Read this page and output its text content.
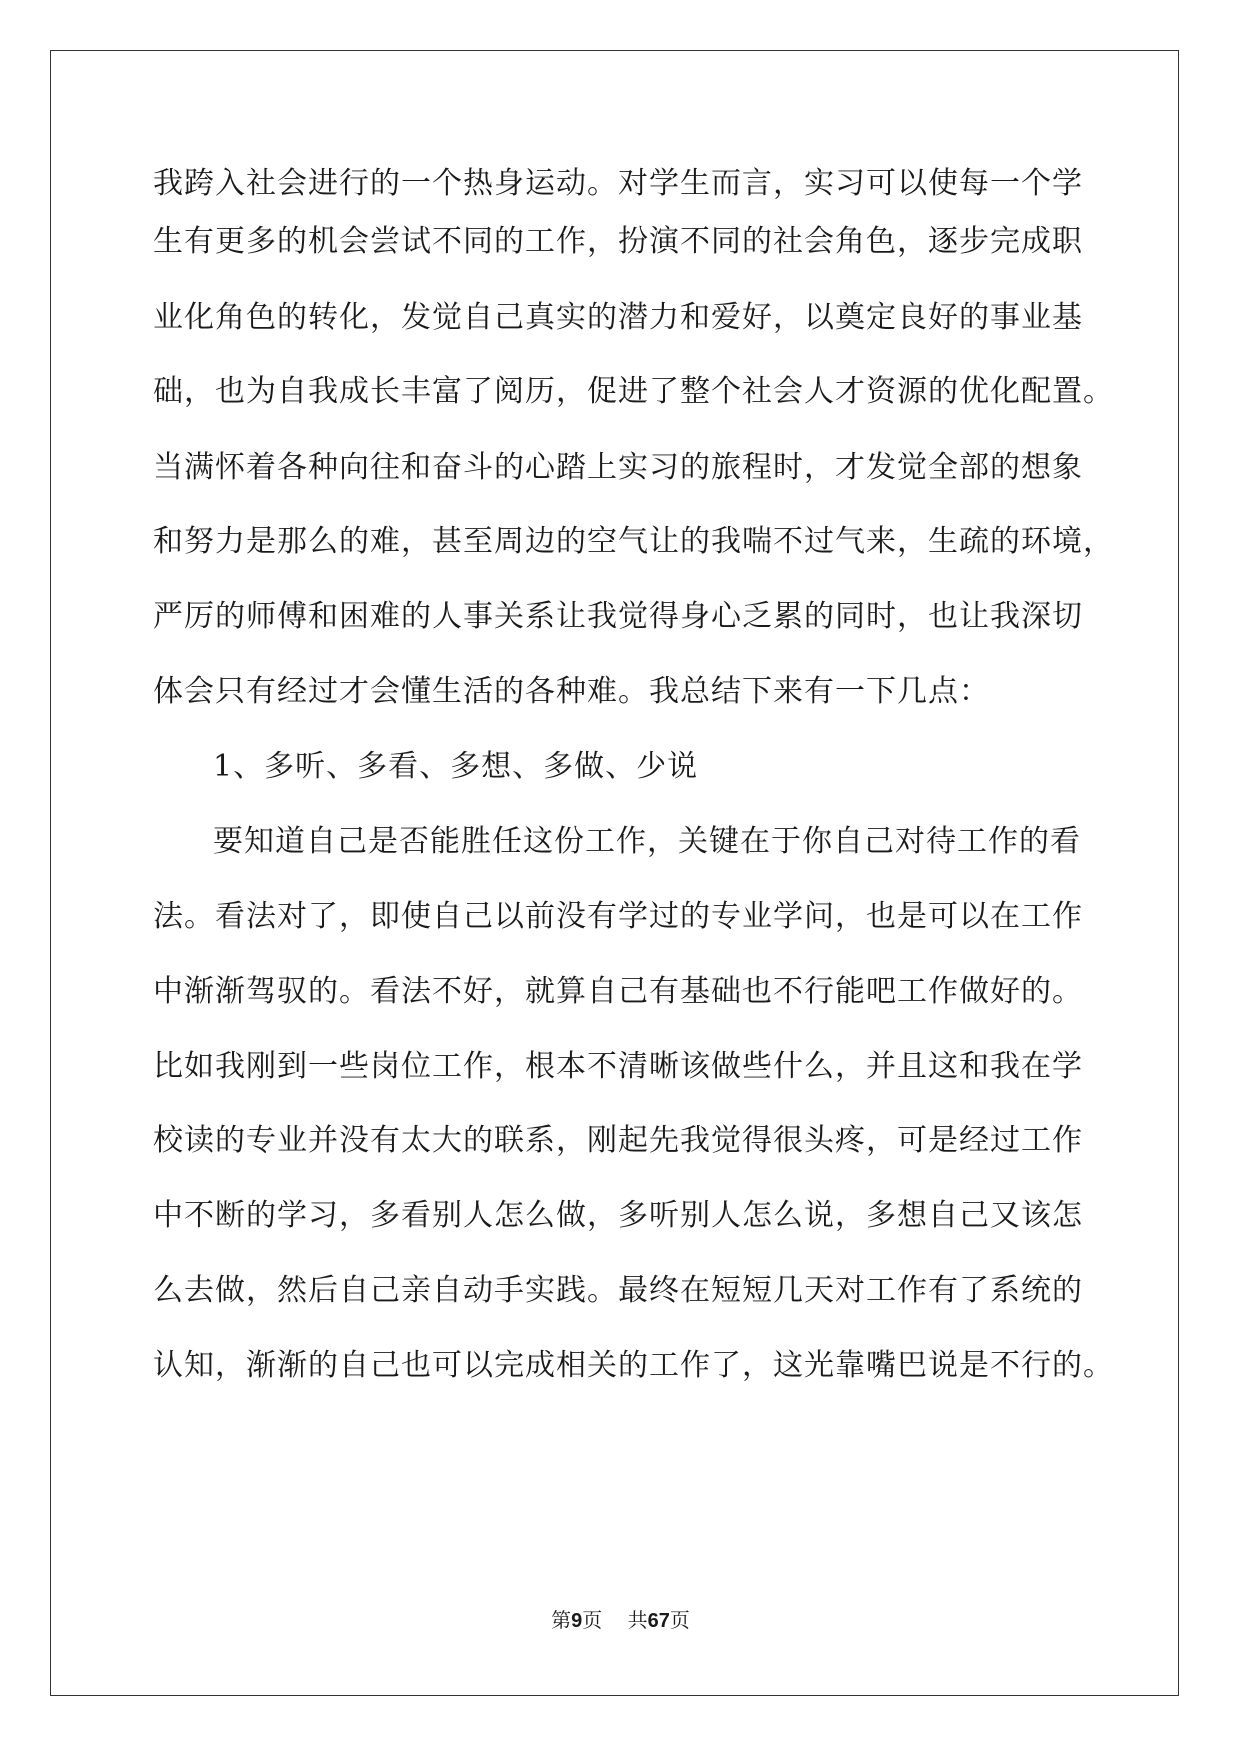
我跨入社会进行的一个热身运动。对学生而言，实习可以使每一个学
生有更多的机会尝试不同的工作，扮演不同的社会角色，逐步完成职
业化角色的转化，发觉自己真实的潜力和爱好，以奠定良好的事业基
础，也为自我成长丰富了阅历，促进了整个社会人才资源的优化配置。
当满怀着各种向往和奋斗的心踏上实习的旅程时，才发觉全部的想象
和努力是那么的难，甚至周边的空气让的我喘不过气来，生疏的环境，
严厉的师傅和困难的人事关系让我觉得身心乏累的同时，也让我深切
体会只有经过才会懂生活的各种难。我总结下来有一下几点：
1、多听、多看、多想、多做、少说
要知道自己是否能胜任这份工作，关键在于你自己对待工作的看
法。看法对了，即使自己以前没有学过的专业学问，也是可以在工作
中渐渐驾驭的。看法不好，就算自己有基础也不行能吧工作做好的。
比如我刚到一些岗位工作，根本不清晰该做些什么，并且这和我在学
校读的专业并没有太大的联系，刚起先我觉得很头疼，可是经过工作
中不断的学习，多看别人怎么做，多听别人怎么说，多想自己又该怎
么去做，然后自己亲自动手实践。最终在短短几天对工作有了系统的
认知，渐渐的自己也可以完成相关的工作了，这光靠嘴巴说是不行的。
第9页 共67页
